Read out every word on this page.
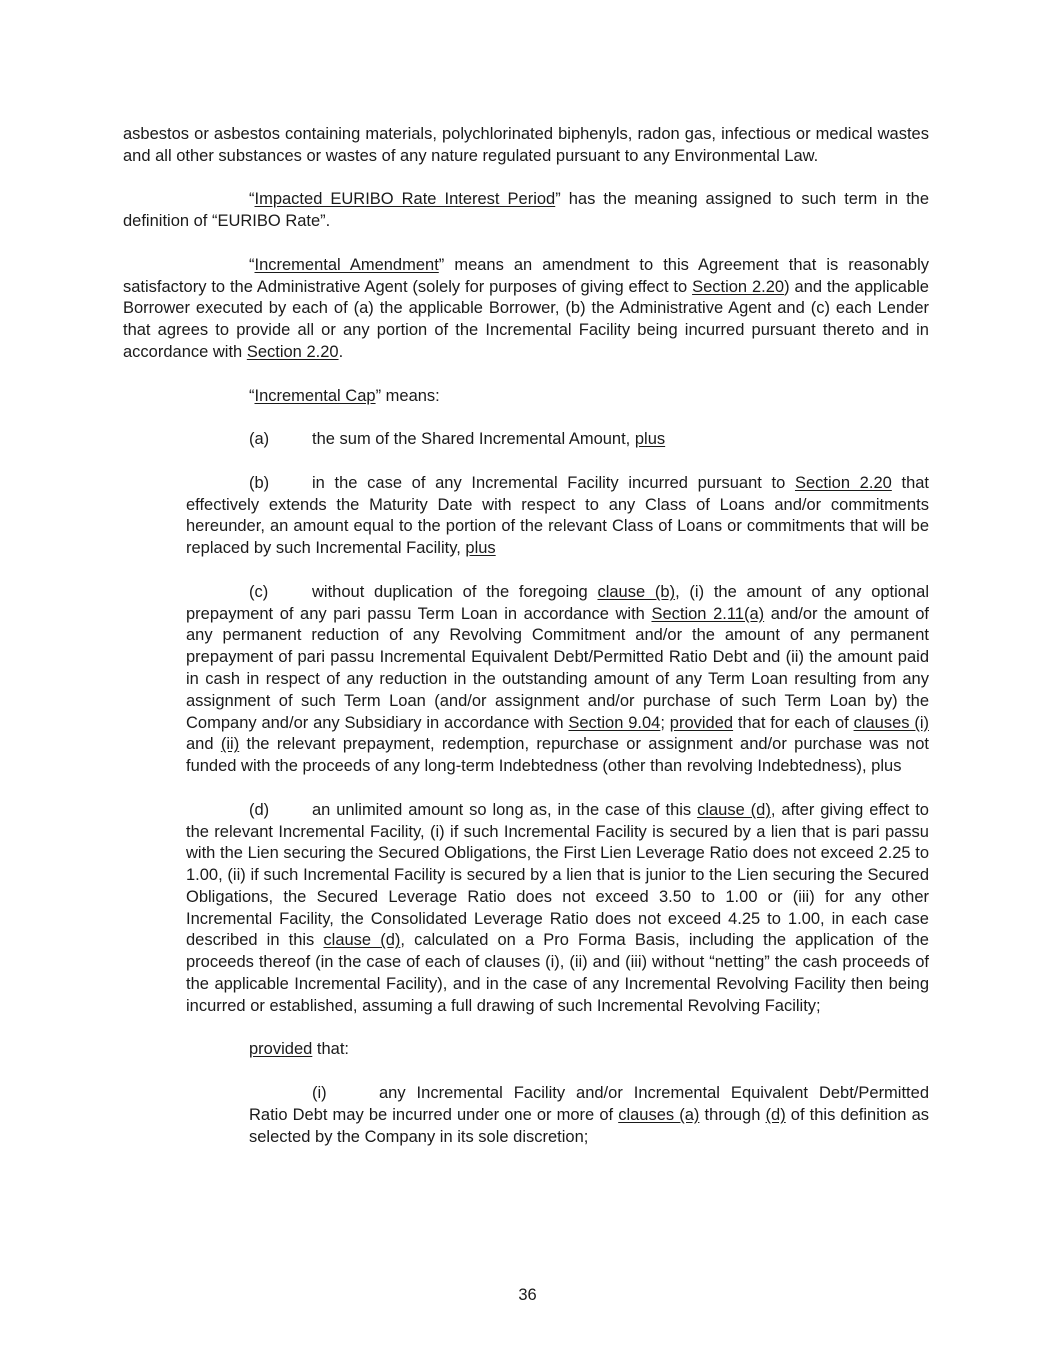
asbestos or asbestos containing materials, polychlorinated biphenyls, radon gas, infectious or medical wastes and all other substances or wastes of any nature regulated pursuant to any Environmental Law.

“Impacted EURIBO Rate Interest Period” has the meaning assigned to such term in the definition of “EURIBO Rate”.

“Incremental Amendment” means an amendment to this Agreement that is reasonably satisfactory to the Administrative Agent (solely for purposes of giving effect to Section 2.20) and the applicable Borrower executed by each of (a) the applicable Borrower, (b) the Administrative Agent and (c) each Lender that agrees to provide all or any portion of the Incremental Facility being incurred pursuant thereto and in accordance with Section 2.20.

“Incremental Cap” means:

(a)	the sum of the Shared Incremental Amount, plus

(b)	in the case of any Incremental Facility incurred pursuant to Section 2.20 that effectively extends the Maturity Date with respect to any Class of Loans and/or commitments hereunder, an amount equal to the portion of the relevant Class of Loans or commitments that will be replaced by such Incremental Facility, plus

(c)	without duplication of the foregoing clause (b), (i) the amount of any optional prepayment of any pari passu Term Loan in accordance with Section 2.11(a) and/or the amount of any permanent reduction of any Revolving Commitment and/or the amount of any permanent prepayment of pari passu Incremental Equivalent Debt/Permitted Ratio Debt and (ii) the amount paid in cash in respect of any reduction in the outstanding amount of any Term Loan resulting from any assignment of such Term Loan (and/or assignment and/or purchase of such Term Loan by) the Company and/or any Subsidiary in accordance with Section 9.04; provided that for each of clauses (i) and (ii) the relevant prepayment, redemption, repurchase or assignment and/or purchase was not funded with the proceeds of any long-term Indebtedness (other than revolving Indebtedness), plus

(d)	an unlimited amount so long as, in the case of this clause (d), after giving effect to the relevant Incremental Facility, (i) if such Incremental Facility is secured by a lien that is pari passu with the Lien securing the Secured Obligations, the First Lien Leverage Ratio does not exceed 2.25 to 1.00, (ii) if such Incremental Facility is secured by a lien that is junior to the Lien securing the Secured Obligations, the Secured Leverage Ratio does not exceed 3.50 to 1.00 or (iii) for any other Incremental Facility, the Consolidated Leverage Ratio does not exceed 4.25 to 1.00, in each case described in this clause (d), calculated on a Pro Forma Basis, including the application of the proceeds thereof (in the case of each of clauses (i), (ii) and (iii) without “netting” the cash proceeds of the applicable Incremental Facility), and in the case of any Incremental Revolving Facility then being incurred or established, assuming a full drawing of such Incremental Revolving Facility;

provided that:

(i)	any Incremental Facility and/or Incremental Equivalent Debt/Permitted Ratio Debt may be incurred under one or more of clauses (a) through (d) of this definition as selected by the Company in its sole discretion;

36
